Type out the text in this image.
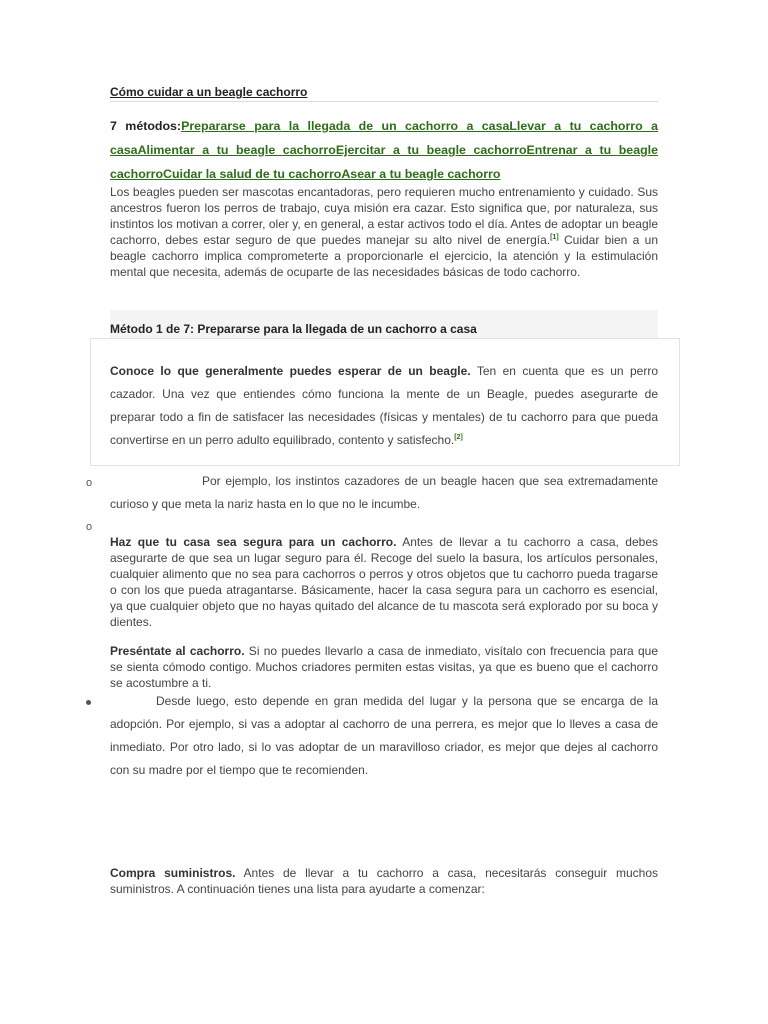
Cómo cuidar a un beagle cachorro
7 métodos:Prepararse para la llegada de un cachorro a casaLlevar a tu cachorro a casaAlimentar a tu beagle cachorroEjercitar a tu beagle cachorroEntrenar a tu beagle cachorroCuidar la salud de tu cachorroAsear a tu beagle cachorro
Los beagles pueden ser mascotas encantadoras, pero requieren mucho entrenamiento y cuidado. Sus ancestros fueron los perros de trabajo, cuya misión era cazar. Esto significa que, por naturaleza, sus instintos los motivan a correr, oler y, en general, a estar activos todo el día. Antes de adoptar un beagle cachorro, debes estar seguro de que puedes manejar su alto nivel de energía.[1] Cuidar bien a un beagle cachorro implica comprometerte a proporcionarle el ejercicio, la atención y la estimulación mental que necesita, además de ocuparte de las necesidades básicas de todo cachorro.
Método 1 de 7: Prepararse para la llegada de un cachorro a casa
Conoce lo que generalmente puedes esperar de un beagle. Ten en cuenta que es un perro cazador. Una vez que entiendes cómo funciona la mente de un Beagle, puedes asegurarte de preparar todo a fin de satisfacer las necesidades (físicas y mentales) de tu cachorro para que pueda convertirse en un perro adulto equilibrado, contento y satisfecho.[2]
o	Por ejemplo, los instintos cazadores de un beagle hacen que sea extremadamente curioso y que meta la nariz hasta en lo que no le incumbe.
o
Haz que tu casa sea segura para un cachorro. Antes de llevar a tu cachorro a casa, debes asegurarte de que sea un lugar seguro para él. Recoge del suelo la basura, los artículos personales, cualquier alimento que no sea para cachorros o perros y otros objetos que tu cachorro pueda tragarse o con los que pueda atragantarse. Básicamente, hacer la casa segura para un cachorro es esencial, ya que cualquier objeto que no hayas quitado del alcance de tu mascota será explorado por su boca y dientes.
Preséntate al cachorro. Si no puedes llevarlo a casa de inmediato, visítalo con frecuencia para que se sienta cómodo contigo. Muchos criadores permiten estas visitas, ya que es bueno que el cachorro se acostumbre a ti.
Desde luego, esto depende en gran medida del lugar y la persona que se encarga de la adopción. Por ejemplo, si vas a adoptar al cachorro de una perrera, es mejor que lo lleves a casa de inmediato. Por otro lado, si lo vas adoptar de un maravilloso criador, es mejor que dejes al cachorro con su madre por el tiempo que te recomienden.
Compra suministros. Antes de llevar a tu cachorro a casa, necesitarás conseguir muchos suministros. A continuación tienes una lista para ayudarte a comenzar:
